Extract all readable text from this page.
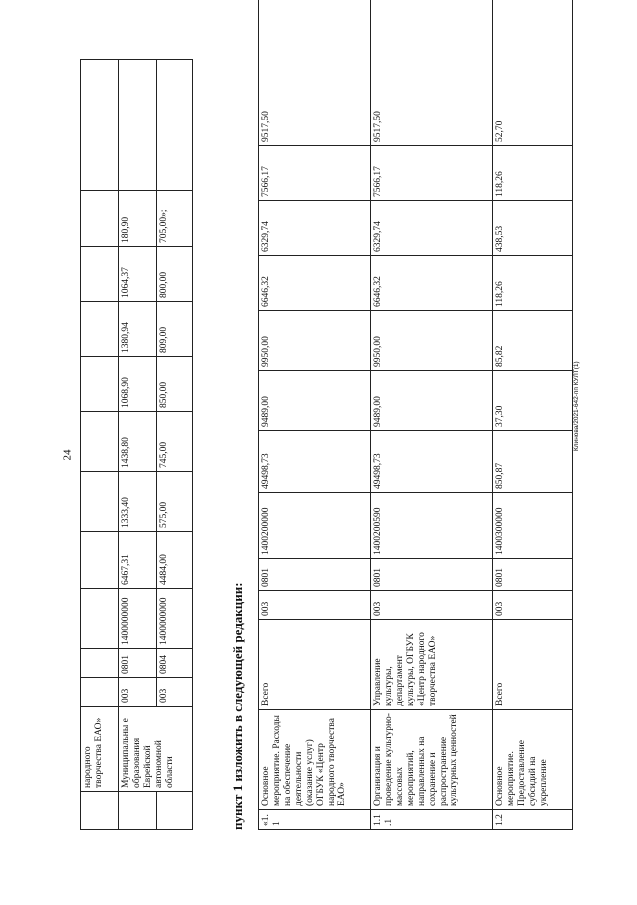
24
Клинова/2021-642-пп КУЛТ(1)
	народного творчества ЕАО»											
	Муниципальны е образования Еврейской автономной области	003	0801	1400000000	6467,31	1333,40	1438,80	1068,90	1380,94	1064,37	180,90	
		003	0804	1400000000	4484,00	575,00	745,00	850,00	809,00	800,00	705,00»;	
пункт 1 изложить в следующей редакции: «1. 1	Основное мероприятие. Расходы на обеспечение деятельности (оказание услуг) ОГБУК «Центр народного творчества ЕАО»	Всего	003	0801	1400200000	49498,73	9489,00	9950,00	6646,32	6329,74	7566,17	9517,50
1.1 .1	Организация и проведение культурно-массовых мероприятий, направленных на сохранение и распространение культурных ценностей	Управление культуры, департамент культуры, ОГБУК «Центр народного творчества ЕАО»	003	0801	1400200590	49498,73	9489,00	9950,00	6646,32	6329,74	7566,17	9517,50
1.2	Основное мероприятие. Предоставление субсидий на укрепление	Всего	003	0801	1400300000	850,87	37,30	85,82	118,26	438,53	118,26	52,70
